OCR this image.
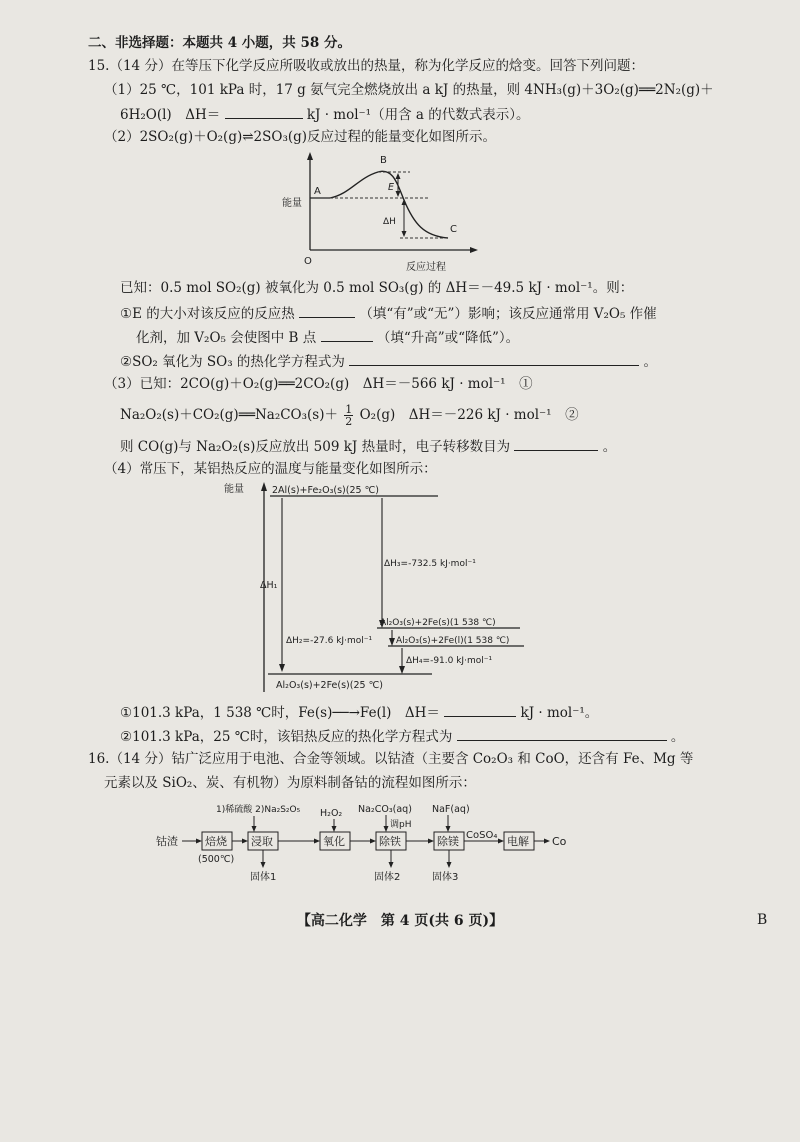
二、非选择题：本题共 4 小题，共 58 分。
15.（14 分）在等压下化学反应所吸收或放出的热量，称为化学反应的焓变。回答下列问题：
（1）25 ℃，101 kPa 时，17 g 氨气完全燃烧放出 a kJ 的热量，则 4NH₃(g)＋3O₂(g)══2N₂(g)＋
6H₂O(l)　ΔH＝	kJ · mol⁻¹（用含 a 的代数式表示）。
（2）2SO₂(g)＋O₂(g)⇌2SO₃(g)反应过程的能量变化如图所示。
能量
O
反应过程
A
B
C
E
ΔH
已知：0.5 mol SO₂(g) 被氧化为 0.5 mol SO₃(g) 的 ΔH＝－49.5 kJ · mol⁻¹。则：
①E 的大小对该反应的反应热	（填“有”或“无”）影响；该反应通常用 V₂O₅ 作催
化剂，加 V₂O₅ 会使图中 B 点	（填“升高”或“降低”）。
②SO₂ 氧化为 SO₃ 的热化学方程式为	。
（3）已知：2CO(g)＋O₂(g)══2CO₂(g)　ΔH＝－566 kJ · mol⁻¹　①
Na₂O₂(s)＋CO₂(g)══Na₂CO₃(s)＋ $\frac{1}{2} O_2(g)$　ΔH＝－226 kJ · mol⁻¹　②
则 CO(g)与 Na₂O₂(s)反应放出 509 kJ 热量时，电子转移数目为	。
（4）常压下，某铝热反应的温度与能量变化如图所示：
能量	2Al(s)+Fe₂O₃(s)(25 ℃)
ΔH₁
ΔH₃=-732.5 kJ·mol⁻¹
Al₂O₃(s)+2Fe(s)(1 538 ℃)
Al₂O₃(s)+2Fe(l)(1 538 ℃)
ΔH₂=-27.6 kJ·mol⁻¹
ΔH₄=-91.0 kJ·mol⁻¹
Al₂O₃(s)+2Fe(s)(25 ℃)
①101.3 kPa，1 538 ℃时，Fe(s)──→Fe(l)　ΔH＝	kJ · mol⁻¹。
②101.3 kPa，25 ℃时，该铝热反应的热化学方程式为	。
16.（14 分）钴广泛应用于电池、合金等领域。以钴渣（主要含 Co₂O₃ 和 CoO，还含有 Fe、Mg 等
元素以及 SiO₂、炭、有机物）为原料制备钴的流程如图所示：
钴渣 焙烧
(500℃)
1)稀硫酸 2)Na₂S₂O₅
浸取
固体1
H₂O₂
氧化
Na₂CO₃(aq)
调pH
除铁
固体2
NaF(aq)
除镁
固体3
CoSO₄ 电解 Co
【高二化学　第 4 页(共 6 页)】	B
